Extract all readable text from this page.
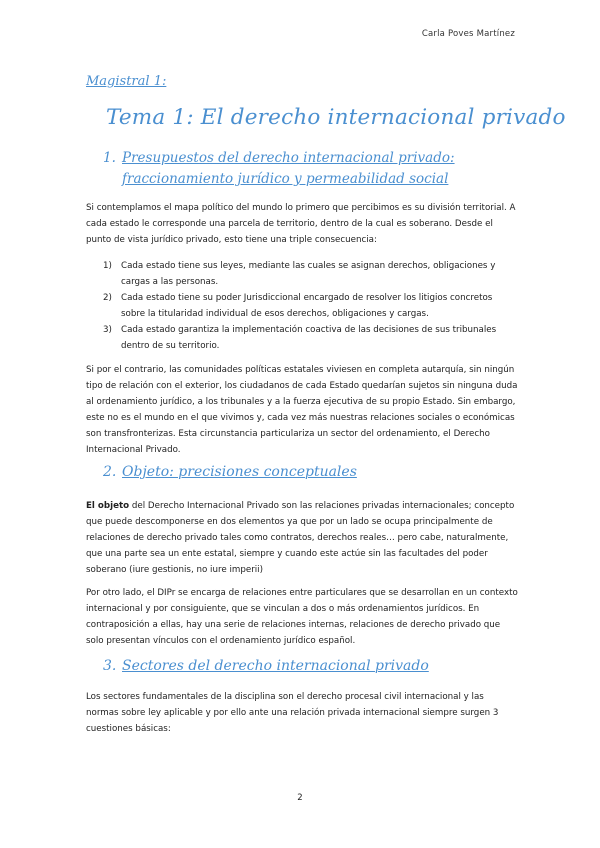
Carla Poves Martínez
Magistral 1:
Tema 1: El derecho internacional privado
1. Presupuestos del derecho internacional privado:
fraccionamiento jurídico y permeabilidad social
Si contemplamos el mapa político del mundo lo primero que percibimos es su división territorial. A cada estado le corresponde una parcela de territorio, dentro de la cual es soberano. Desde el punto de vista jurídico privado, esto tiene una triple consecuencia:
1)	Cada estado tiene sus leyes, mediante las cuales se asignan derechos, obligaciones y cargas a las personas.
2)	Cada estado tiene su poder Jurisdiccional encargado de resolver los litigios concretos sobre la titularidad individual de esos derechos, obligaciones y cargas.
3)	Cada estado garantiza la implementación coactiva de las decisiones de sus tribunales dentro de su territorio.
Si por el contrario, las comunidades políticas estatales viviesen en completa autarquía, sin ningún tipo de relación con el exterior, los ciudadanos de cada Estado quedarían sujetos sin ninguna duda al ordenamiento jurídico, a los tribunales y a la fuerza ejecutiva de su propio Estado. Sin embargo, este no es el mundo en el que vivimos y, cada vez más nuestras relaciones sociales o económicas son transfronterizas. Esta circunstancia particulariza un sector del ordenamiento, el Derecho Internacional Privado.
2. Objeto: precisiones conceptuales
El objeto del Derecho Internacional Privado son las relaciones privadas internacionales; concepto que puede descomponerse en dos elementos ya que por un lado se ocupa principalmente de relaciones de derecho privado tales como contratos, derechos reales… pero cabe, naturalmente, que una parte sea un ente estatal, siempre y cuando este actúe sin las facultades del poder soberano (iure gestionis, no iure imperii)
Por otro lado, el DIPr se encarga de relaciones entre particulares que se desarrollan en un contexto internacional y por consiguiente, que se vinculan a dos o más ordenamientos jurídicos. En contraposición a ellas, hay una serie de relaciones internas, relaciones de derecho privado que solo presentan vínculos con el ordenamiento jurídico español.
3. Sectores del derecho internacional privado
Los sectores fundamentales de la disciplina son el derecho procesal civil internacional y las normas sobre ley aplicable y por ello ante una relación privada internacional siempre surgen 3 cuestiones básicas:
2
